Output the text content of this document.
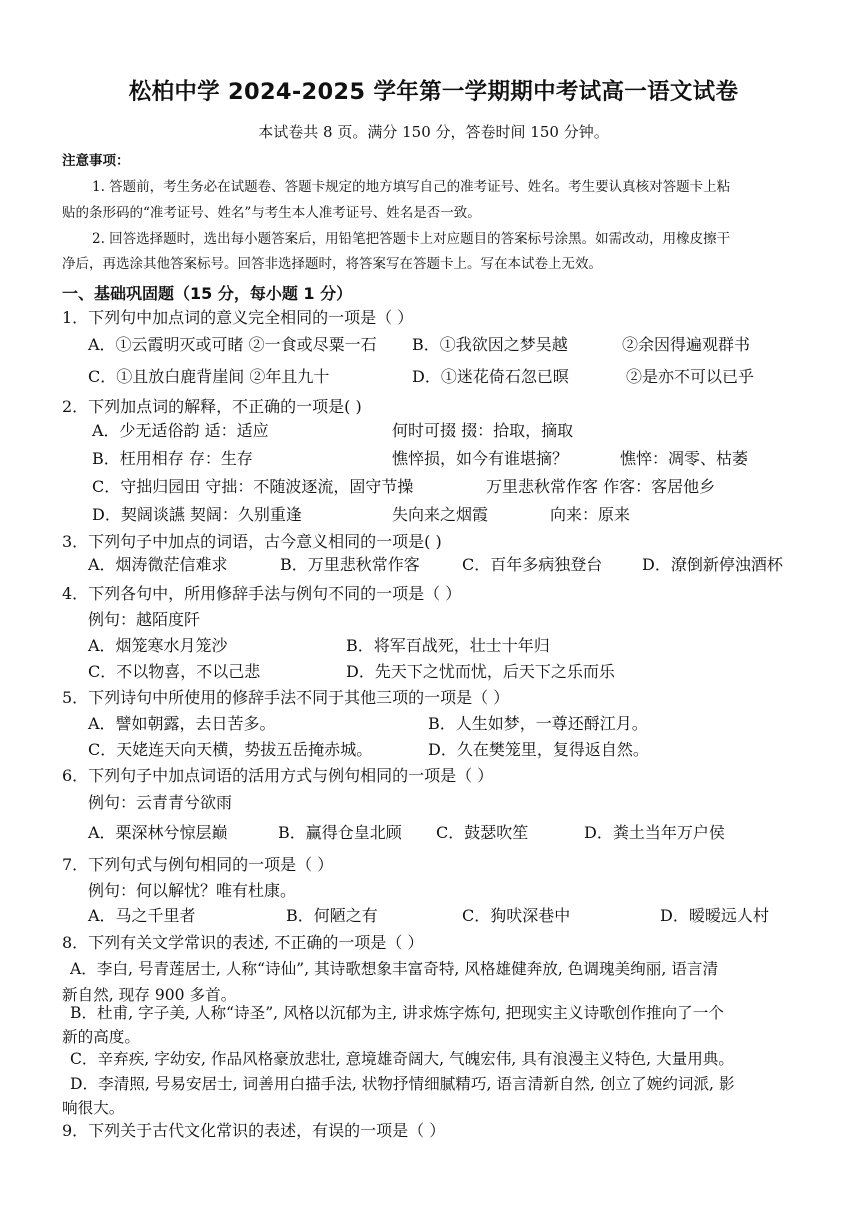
松柏中学 2024-2025 学年第一学期期中考试高一语文试卷
本试卷共 8 页。满分 150 分，答卷时间 150 分钟。
注意事项：
1. 答题前，考生务必在试题卷、答题卡规定的地方填写自己的准考证号、姓名。考生要认真核对答题卡上粘
贴的条形码的“准考证号、姓名”与考生本人准考证号、姓名是否一致。
2. 回答选择题时，选出每小题答案后，用铅笔把答题卡上对应题目的答案标号涂黑。如需改动，用橡皮擦干
净后，再选涂其他答案标号。回答非选择题时，将答案写在答题卡上。写在本试卷上无效。
一、基础巩固题（15 分，每小题 1 分）
1．下列句中加点词的意义完全相同的一项是（ ）
A．①云霞明灭或可睹 ②一食或尽粟一石 B．①我欲因之梦吴越	②余因得遍观群书
C．①且放白鹿背崖间 ②年且九十	D．①迷花倚石忽已暝	②是亦不可以已乎
2．下列加点词的解释，不正确的一项是( )
A．少无适俗韵 适：适应	何时可掇 掇：拾取，摘取
B．枉用相存 存：生存	憔悴损，如今有谁堪摘？	憔悴：凋零、枯萎
C．守拙归园田 守拙：不随波逐流，固守节操	万里悲秋常作客 作客：客居他乡
D．契阔谈讌 契阔：久别重逢	失向来之烟霞	向来：原来
3．下列句子中加点的词语，古今意义相同的一项是( )
A．烟涛微茫信难求	B．万里悲秋常作客	C．百年多病独登台 D．潦倒新停浊酒杯
4．下列各句中，所用修辞手法与例句不同的一项是（ ）
例句：越陌度阡
A．烟笼寒水月笼沙	B．将军百战死，壮士十年归
C．不以物喜，不以己悲	D．先天下之忧而忧，后天下之乐而乐
5．下列诗句中所使用的修辞手法不同于其他三项的一项是（ ）
A．譬如朝露，去日苦多。	B．人生如梦，一尊还酹江月。
C．天姥连天向天横，势拔五岳掩赤城。	D．久在樊笼里，复得返自然。
6．下列句子中加点词语的活用方式与例句相同的一项是（ ）
例句：云青青兮欲雨
A．栗深林兮惊层巅	B．赢得仓皇北顾 C．鼓瑟吹笙	D．粪土当年万户侯
7．下列句式与例句相同的一项是（ ）
例句：何以解忧？唯有杜康。
A．马之千里者	B．何陋之有	C．狗吠深巷中	D．暧暧远人村
8．下列有关文学常识的表述, 不正确的一项是（ ）
A．李白, 号青莲居士, 人称“诗仙”, 其诗歌想象丰富奇特, 风格雄健奔放, 色调瑰美绚丽, 语言清
新自然, 现存 900 多首。
B．杜甫, 字子美, 人称“诗圣”, 风格以沉郁为主, 讲求炼字炼句, 把现实主义诗歌创作推向了一个
新的高度。
C．辛弃疾, 字幼安, 作品风格豪放悲壮, 意境雄奇阔大, 气魄宏伟, 具有浪漫主义特色, 大量用典。
D．李清照, 号易安居士, 词善用白描手法, 状物抒情细腻精巧, 语言清新自然, 创立了婉约词派, 影
响很大。
9．下列关于古代文化常识的表述，有误的一项是（ ）
